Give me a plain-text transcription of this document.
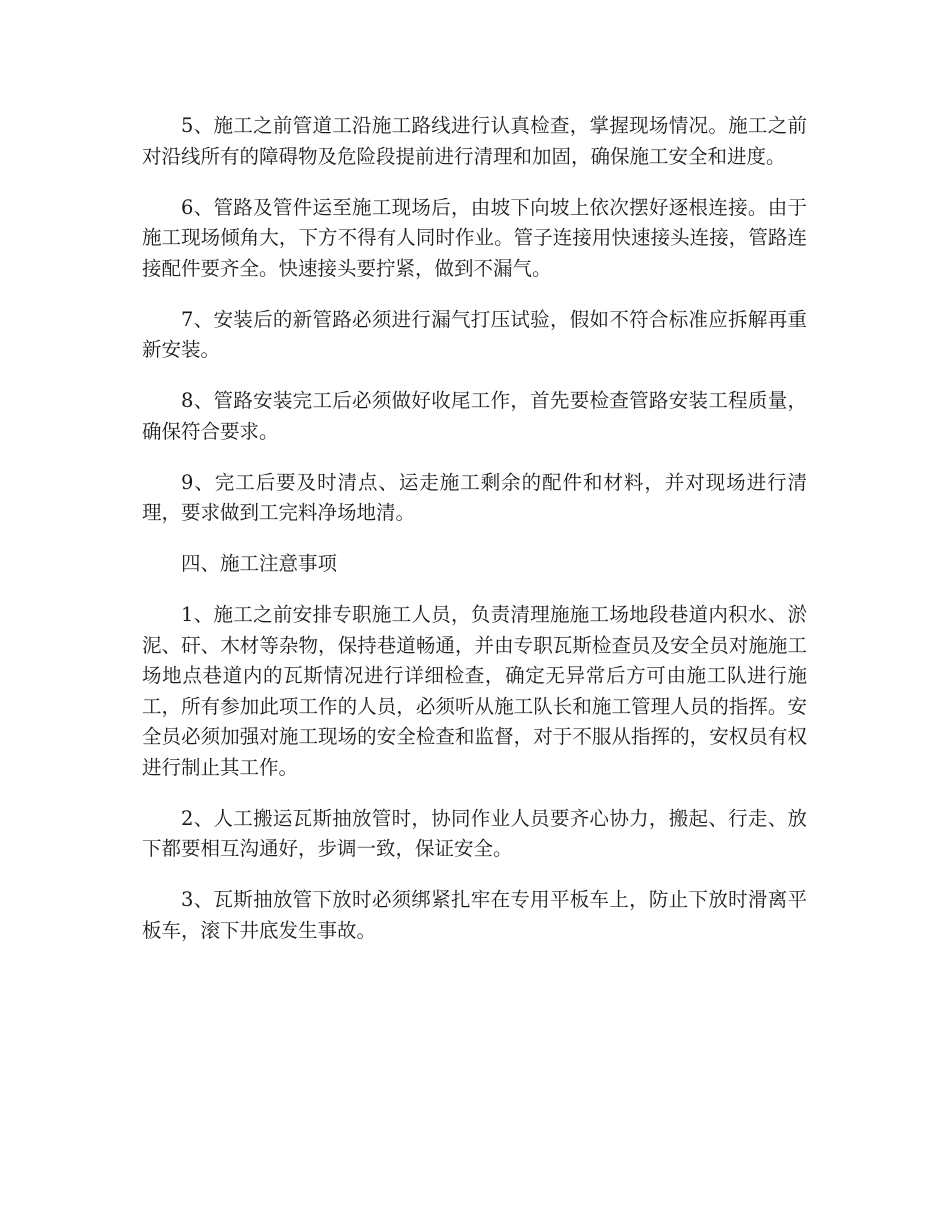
5、施工之前管道工沿施工路线进行认真检查，掌握现场情况。施工之前对沿线所有的障碍物及危险段提前进行清理和加固，确保施工安全和进度。

6、管路及管件运至施工现场后，由坡下向坡上依次摆好逐根连接。由于施工现场倾角大，下方不得有人同时作业。管子连接用快速接头连接，管路连接配件要齐全。快速接头要拧紧，做到不漏气。

7、安装后的新管路必须进行漏气打压试验，假如不符合标准应拆解再重新安装。

8、管路安装完工后必须做好收尾工作，首先要检查管路安装工程质量，确保符合要求。

9、完工后要及时清点、运走施工剩余的配件和材料，并对现场进行清理，要求做到工完料净场地清。

四、施工注意事项

1、施工之前安排专职施工人员，负责清理施施工场地段巷道内积水、淤泥、矸、木材等杂物，保持巷道畅通，并由专职瓦斯检查员及安全员对施施工场地点巷道内的瓦斯情况进行详细检查，确定无异常后方可由施工队进行施工，所有参加此项工作的人员，必须听从施工队长和施工管理人员的指挥。安全员必须加强对施工现场的安全检查和监督，对于不服从指挥的，安权员有权进行制止其工作。

2、人工搬运瓦斯抽放管时，协同作业人员要齐心协力，搬起、行走、放下都要相互沟通好，步调一致，保证安全。

3、瓦斯抽放管下放时必须绑紧扎牢在专用平板车上，防止下放时滑离平板车，滚下井底发生事故。
